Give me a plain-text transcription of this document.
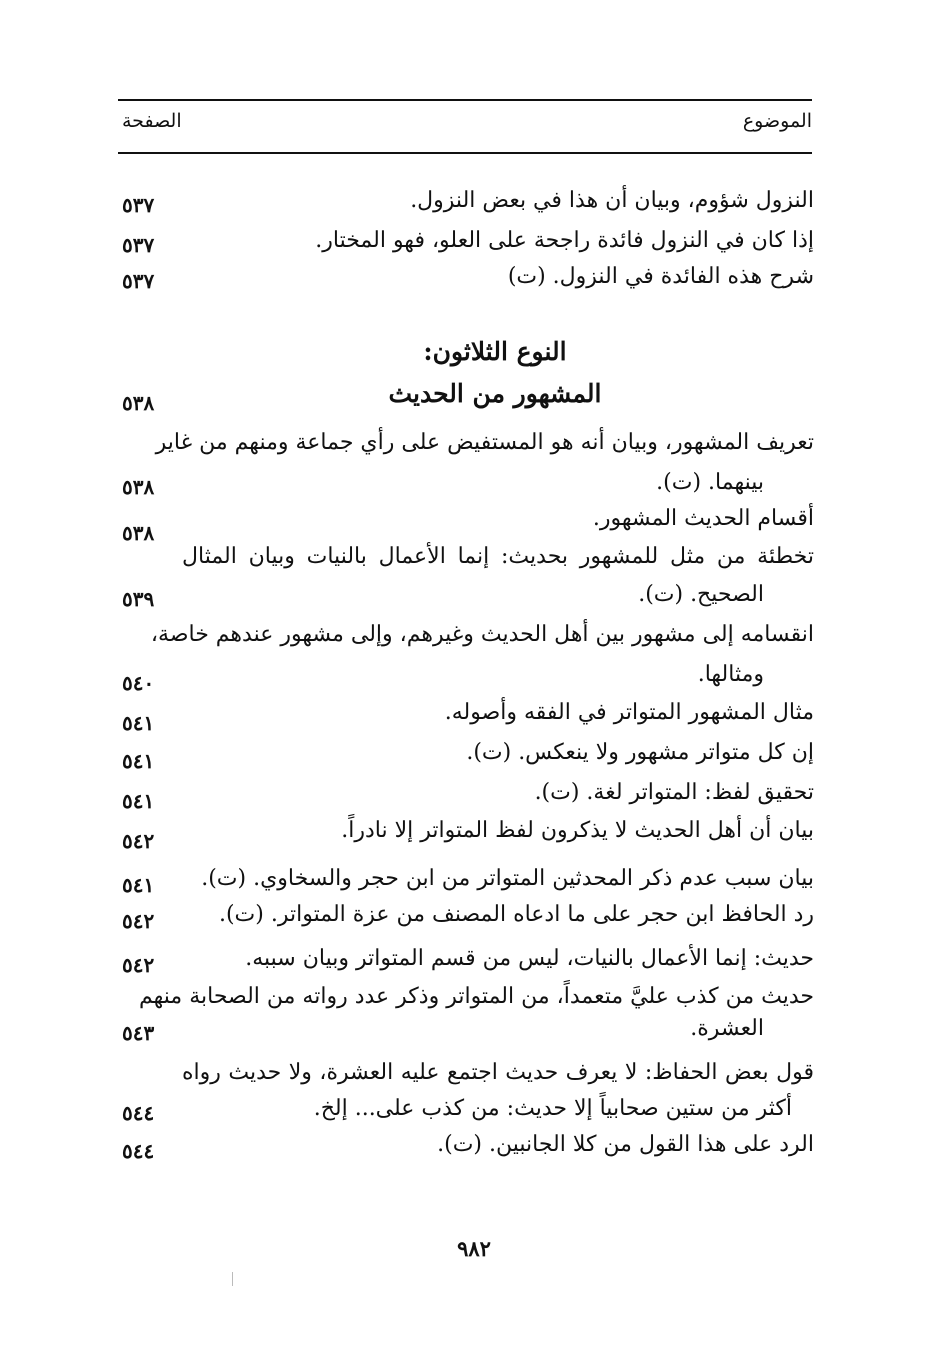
الموضوع
الصفحة
النزول شؤوم، وبيان أن هذا في بعض النزول.
٥٣٧
إذا كان في النزول فائدة راجحة على العلو، فهو المختار.
٥٣٧
شرح هذه الفائدة في النزول. (ت)
٥٣٧
النوع الثلاثون:
المشهور من الحديث
٥٣٨
تعريف المشهور، وبيان أنه هو المستفيض على رأي جماعة ومنهم من غاير
بينهما. (ت).
٥٣٨
أقسام الحديث المشهور.
٥٣٨
تخطئة من مثل للمشهور بحديث: إنما الأعمال بالنيات وبيان المثال
الصحيح. (ت).
٥٣٩
انقسامه إلى مشهور بين أهل الحديث وغيرهم، وإلى مشهور عندهم خاصة،
ومثالها.
٥٤٠
مثال المشهور المتواتر في الفقه وأصوله.
٥٤١
إن كل متواتر مشهور ولا ينعكس. (ت).
٥٤١
تحقيق لفظ: المتواتر لغة. (ت).
٥٤١
بيان أن أهل الحديث لا يذكرون لفظ المتواتر إلا نادراً.
٥٤٢
بيان سبب عدم ذكر المحدثين المتواتر من ابن حجر والسخاوي. (ت).
٥٤١
رد الحافظ ابن حجر على ما ادعاه المصنف من عزة المتواتر. (ت).
٥٤٢
حديث: إنما الأعمال بالنيات، ليس من قسم المتواتر وبيان سببه.
٥٤٢
حديث من كذب عليَّ متعمداً، من المتواتر وذكر عدد رواته من الصحابة منهم
العشرة.
٥٤٣
قول بعض الحفاظ: لا يعرف حديث اجتمع عليه العشرة، ولا حديث رواه
أكثر من ستين صحابياً إلا حديث: من كذب على... إلخ.
٥٤٤
الرد على هذا القول من كلا الجانبين. (ت).
٥٤٤
٩٨٢
